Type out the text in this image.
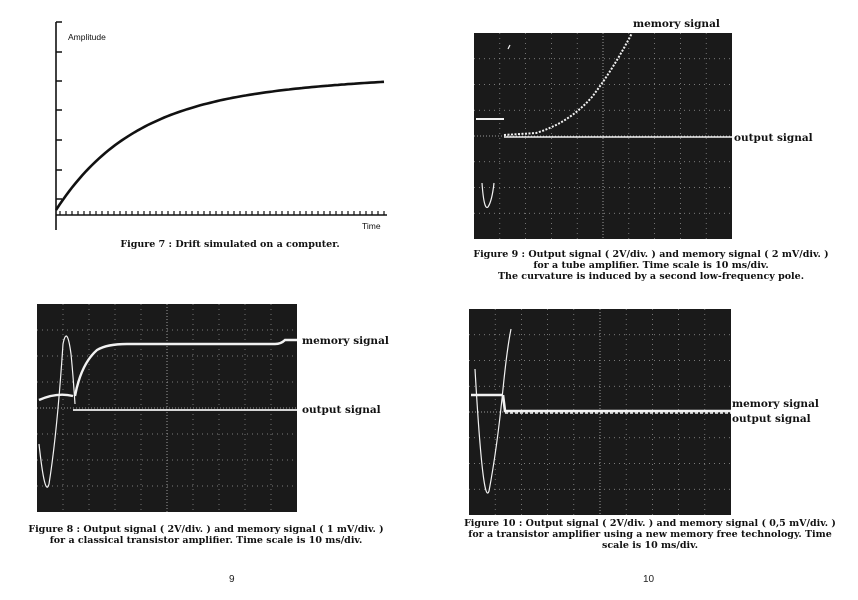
Amplitude
Time
Figure 7 : Drift simulated on a computer.
memory signal
output signal
Figure 9 : Output signal ( 2V/div. ) and memory signal ( 2 mV/div. )
for a tube amplifier. Time scale is 10 ms/div.
The curvature is induced by a second low-frequency pole.
memory signal
output signal
Figure 8 : Output signal ( 2V/div. ) and memory signal ( 1 mV/div. )
for a classical transistor amplifier. Time scale is 10 ms/div.
memory signal
output signal
Figure 10 : Output signal ( 2V/div. ) and memory signal ( 0,5 mV/div. )
for a transistor amplifier using a new memory free technology. Time
scale is 10 ms/div.
9	10
